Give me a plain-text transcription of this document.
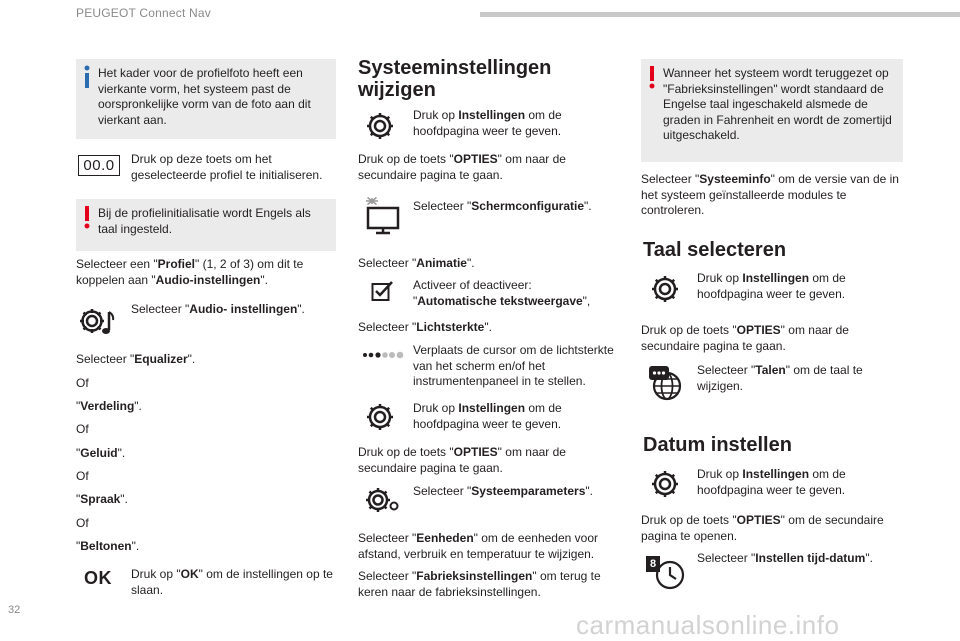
PEUGEOT Connect Nav

Het kader voor de profielfoto heeft een vierkante vorm, het systeem past de oorspronkelijke vorm van de foto aan dit vierkant aan.

00.0	Druk op deze toets om het geselecteerde profiel te initialiseren.

Bij de profielinitialisatie wordt Engels als taal ingesteld.

Selecteer een "Profiel" (1, 2 of 3) om dit te koppelen aan "Audio-instellingen".

Selecteer "Audio- instellingen".

Selecteer "Equalizer".

Of

"Verdeling".

Of

"Geluid".

Of

"Spraak".

Of

"Beltonen".

OK Druk op "OK" om de instellingen op te slaan.

Systeeminstellingen wijzigen

Druk op Instellingen om de hoofdpagina weer te geven.

Druk op de toets "OPTIES" om naar de secundaire pagina te gaan.

Selecteer "Schermconfiguratie".

Selecteer "Animatie".

Activeer of deactiveer: "Automatische tekstweergave",

Selecteer "Lichtsterkte".

Verplaats de cursor om de lichtsterkte van het scherm en/of het instrumentenpaneel in te stellen.

Druk op Instellingen om de hoofdpagina weer te geven.

Druk op de toets "OPTIES" om naar de secundaire pagina te gaan.

Selecteer "Systeemparameters".

Selecteer "Eenheden" om de eenheden voor afstand, verbruik en temperatuur te wijzigen.

Selecteer "Fabrieksinstellingen" om terug te keren naar de fabrieksinstellingen.

Wanneer het systeem wordt teruggezet op "Fabrieksinstellingen" wordt standaard de Engelse taal ingeschakeld alsmede de graden in Fahrenheit en wordt de zomertijd uitgeschakeld.

Selecteer "Systeeminfo" om de versie van de in het systeem geïnstalleerde modules te controleren.

Taal selecteren

Druk op Instellingen om de hoofdpagina weer te geven.

Druk op de toets "OPTIES" om naar de secundaire pagina te gaan.

Selecteer "Talen" om de taal te wijzigen.

Datum instellen

Druk op Instellingen om de hoofdpagina weer te geven.

Druk op de toets "OPTIES" om de secundaire pagina te openen.

8	Selecteer "Instellen tijd-datum".

32	carmanualsonline.info
